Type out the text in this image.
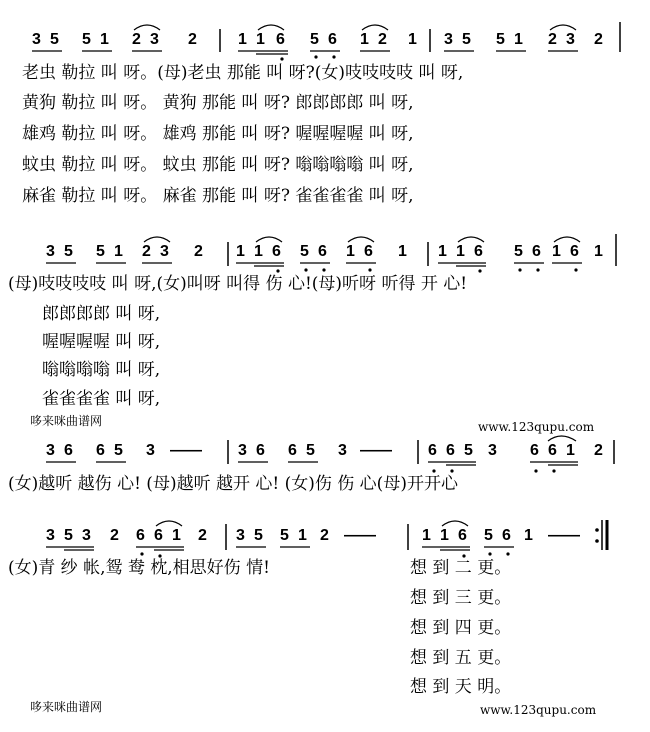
3 5 5 1 2 3 2	1 1 6 5 6 1 2 1 3 5 5 1 2 3 2
老虫 勒拉 叫 呀。(母)老虫 那能 叫 呀?(女)吱吱吱吱 叫 呀,
黄狗 勒拉 叫 呀。 黄狗 那能 叫 呀? 郎郎郎郎 叫 呀,
雄鸡 勒拉 叫 呀。 雄鸡 那能 叫 呀? 喔喔喔喔 叫 呀,
蚊虫 勒拉 叫 呀。 蚊虫 那能 叫 呀? 嗡嗡嗡嗡 叫 呀,
麻雀 勒拉 叫 呀。 麻雀 那能 叫 呀? 雀雀雀雀 叫 呀,
3 5 5 1 2 3 2 1 1 6 5 6 1 6 1 1 1 6 5 6 1 6 1
(母)吱吱吱吱 叫 呀,(女)叫呀 叫得 伤 心!(母)听呀 听得 开 心!
郎郎郎郎 叫 呀,
喔喔喔喔 叫 呀,
嗡嗡嗡嗡 叫 呀,
雀雀雀雀 叫 呀,
哆来咪曲谱网	www.123qupu.com
3 6 6 5 3 —— 3 6 6 5 3 —— 6 6 5 3 6 6 1 2
(女)越听 越伤 心! (母)越听 越开 心! (女)伤 伤 心(母)开开心
3 5 3 2 6 6 1 2 3 5 5 1 2 ——	1 1 6 5 6 1 ——
(女)青 纱 帐,鸳 鸯 枕,相思好伤 情!	想 到 二 更。
想 到 三 更。
想 到 四 更。
想 到 五 更。
想 到 天 明。
哆来咪曲谱网	www.123qupu.com
